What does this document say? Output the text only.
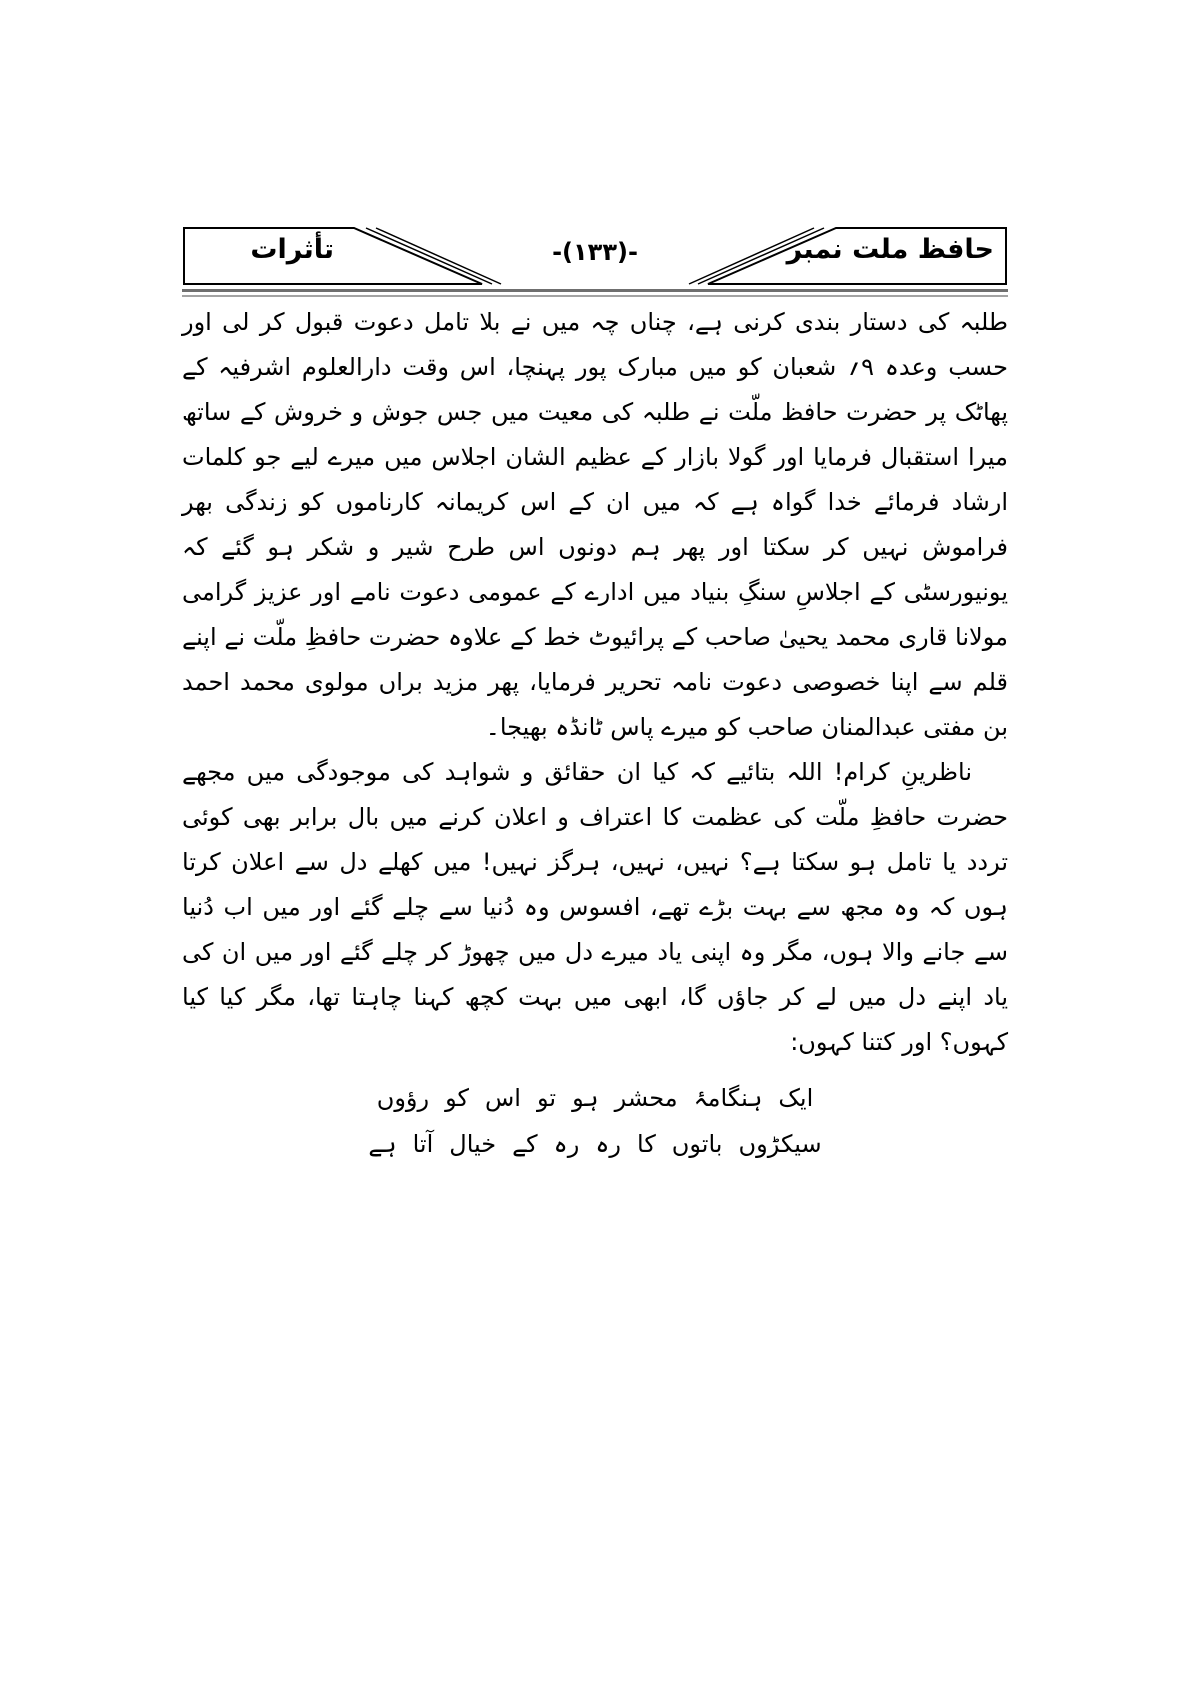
حافظ ملت نمبر
-(۱۳۳)-
تأثرات

طلبہ کی دستار بندی کرنی ہے، چناں چہ میں نے بلا تامل دعوت قبول کر لی اور حسب وعدہ ۹؍ شعبان کو میں مبارک پور پہنچا، اس وقت دارالعلوم اشرفیہ کے پھاٹک پر حضرت حافظ ملّت نے طلبہ کی معیت میں جس جوش و خروش کے ساتھ میرا استقبال فرمایا اور گولا بازار کے عظیم الشان اجلاس میں میرے لیے جو کلمات ارشاد فرمائے خدا گواہ ہے کہ میں ان کے اس کریمانہ کارناموں کو زندگی بھر فراموش نہیں کر سکتا اور پھر ہم دونوں اس طرح شیر و شکر ہو گئے کہ یونیورسٹی کے اجلاسِ سنگِ بنیاد میں ادارے کے عمومی دعوت نامے اور عزیز گرامی مولانا قاری محمد یحییٰ صاحب کے پرائیوٹ خط کے علاوہ حضرت حافظِ ملّت نے اپنے قلم سے اپنا خصوصی دعوت نامہ تحریر فرمایا، پھر مزید براں مولوی محمد احمد بن مفتی عبدالمنان صاحب کو میرے پاس ٹانڈہ بھیجا۔

ناظرینِ کرام! اللہ بتائیے کہ کیا ان حقائق و شواہد کی موجودگی میں مجھے حضرت حافظِ ملّت کی عظمت کا اعتراف و اعلان کرنے میں بال برابر بھی کوئی تردد یا تامل ہو سکتا ہے؟ نہیں، نہیں، ہرگز نہیں! میں کھلے دل سے اعلان کرتا ہوں کہ وہ مجھ سے بہت بڑے تھے، افسوس وہ دُنیا سے چلے گئے اور میں اب دُنیا سے جانے والا ہوں، مگر وہ اپنی یاد میرے دل میں چھوڑ کر چلے گئے اور میں ان کی یاد اپنے دل میں لے کر جاؤں گا، ابھی میں بہت کچھ کہنا چاہتا تھا، مگر کیا کیا کہوں؟ اور کتنا کہوں:

ایک ہنگامۂ محشر ہو تو اس کو رؤوں
سیکڑوں باتوں کا رہ رہ کے خیال آتا ہے
